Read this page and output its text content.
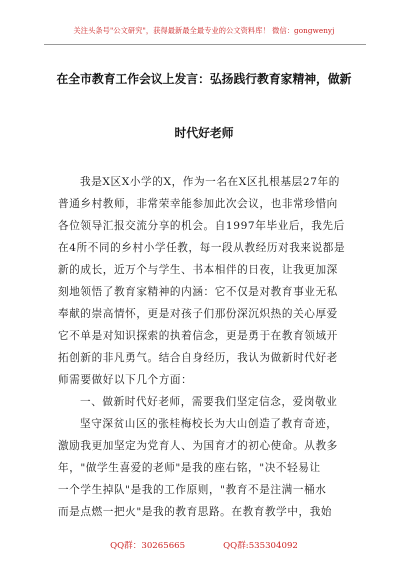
关注头条号"公文研究"，获得最新最全最专业的公文资料库！ 微信：gongwenyj
在全市教育工作会议上发言：弘扬践行教育家精神，做新
时代好老师
我是X区X小学的X，作为一名在X区扎根基层27年的
普通乡村教师，非常荣幸能参加此次会议，也非常珍惜向
各位领导汇报交流分享的机会。自1997年毕业后，我先后
在4所不同的乡村小学任教，每一段从教经历对我来说都是
新的成长，近万个与学生、书本相伴的日夜，让我更加深
刻地领悟了教育家精神的内涵：它不仅是对教育事业无私
奉献的崇高情怀，更是对孩子们那份深沉炽热的关心厚爱
它不单是对知识探索的执着信念，更是勇于在教育领域开
拓创新的非凡勇气。结合自身经历，我认为做新时代好老
师需要做好以下几个方面：
一、做新时代好老师，需要我们坚定信念，爱岗敬业
坚守深贫山区的张桂梅校长为大山创造了教育奇迹，
激励我更加坚定为党育人、为国育才的初心使命。从教多
年，"做学生喜爱的老师"是我的座右铭，"决不轻易让
一个学生掉队"是我的工作原则，"教育不是注满一桶水
而是点燃一把火"是我的教育思路。在教育教学中，我始
QQ群：30265665	QQ群:535304092
